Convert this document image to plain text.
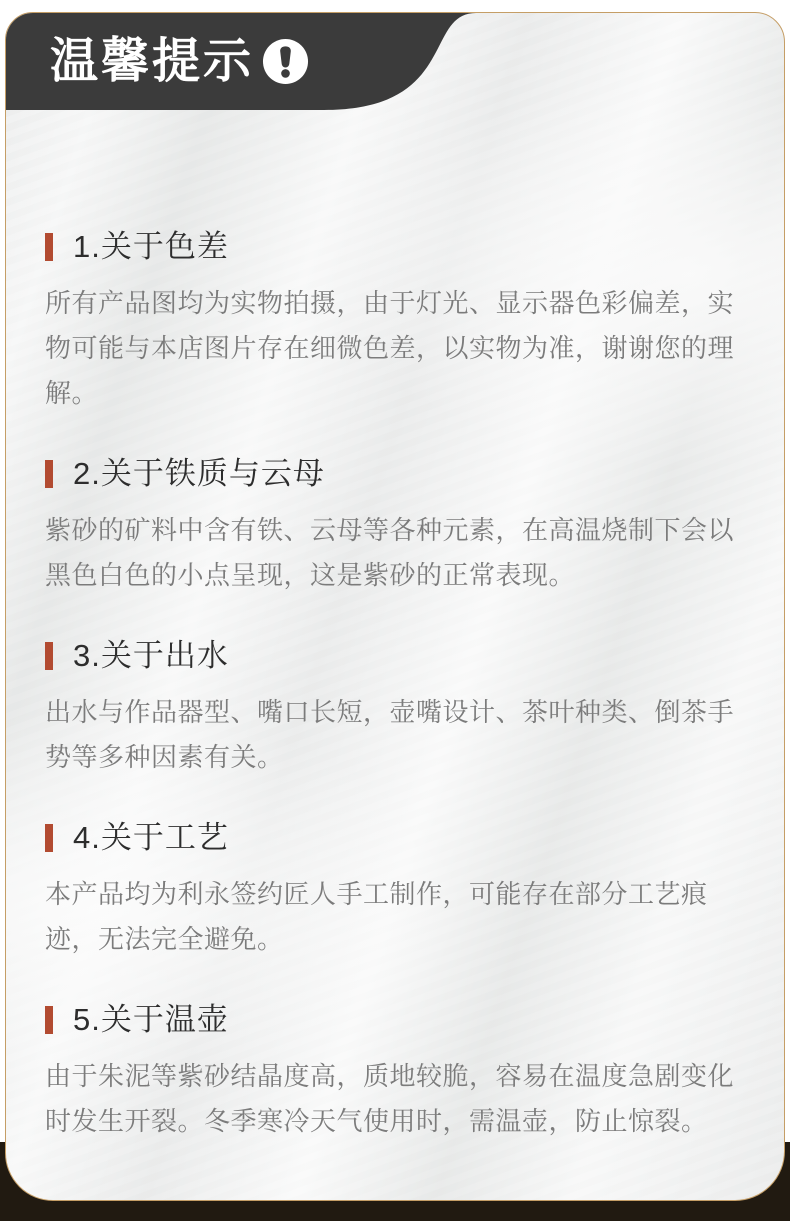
温馨提示
1.关于色差

所有产品图均为实物拍摄，由于灯光、显示器色彩偏差，实物可能与本店图片存在细微色差，以实物为准，谢谢您的理解。

2.关于铁质与云母

紫砂的矿料中含有铁、云母等各种元素，在高温烧制下会以黑色白色的小点呈现，这是紫砂的正常表现。

3.关于出水

出水与作品器型、嘴口长短，壶嘴设计、茶叶种类、倒茶手势等多种因素有关。

4.关于工艺

本产品均为利永签约匠人手工制作，可能存在部分工艺痕迹，无法完全避免。

5.关于温壶

由于朱泥等紫砂结晶度高，质地较脆，容易在温度急剧变化时发生开裂。冬季寒冷天气使用时，需温壶，防止惊裂。
